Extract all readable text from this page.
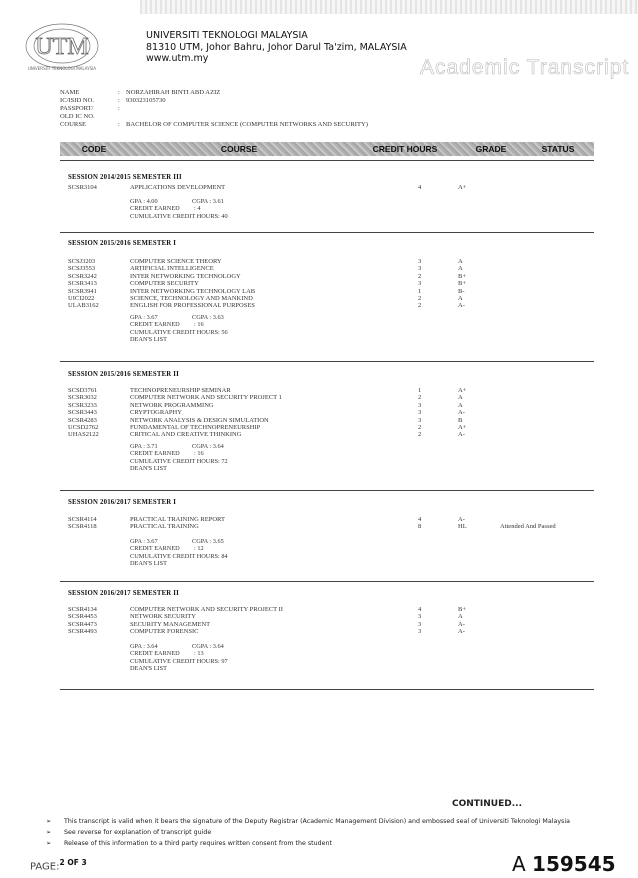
UTM
UNIVERSITI TEKNOLOGI MALAYSIA
UNIVERSITI TEKNOLOGI MALAYSIA
81310 UTM, Johor Bahru, Johor Darul Ta'zim, MALAYSIA
www.utm.my	Academic Transcript
NAME	: NORZAHIRAH BINTI ABD AZIZ
IC/ISID NO.	: 930323105730
PASSPORT/	:
OLD IC NO.
COURSE	: BACHELOR OF COMPUTER SCIENCE (COMPUTER NETWORKS AND SECURITY)
CODE	COURSE	CREDIT HOURS	GRADE	STATUS
SESSION 2014/2015 SEMESTER III
SCSR3104	APPLICATIONS DEVELOPMENT	4	A+
GPA : 4.00	CGPA : 3.61
CREDIT EARNED : 4
CUMULATIVE CREDIT HOURS: 40
SESSION 2015/2016 SEMESTER I
SCSJ3203	COMPUTER SCIENCE THEORY	3	A
SCSJ3553	ARTIFICIAL INTELLIGENCE	3	A
SCSR3242	INTER NETWORKING TECHNOLOGY	2	B+
SCSR3413	COMPUTER SECURITY	3	B+
SCSR3941	INTER NETWORKING TECHNOLOGY LAB	1	B-
UICI2022	SCIENCE, TECHNOLOGY AND MANKIND	2	A
ULAB3162	ENGLISH FOR PROFESSIONAL PURPOSES	2	A-
GPA : 3.67	CGPA : 3.63
CREDIT EARNED : 16
CUMULATIVE CREDIT HOURS: 56
DEAN'S LIST
SESSION 2015/2016 SEMESTER II
SCSD3761	TECHNOPRENEURSHIP SEMINAR	1	A+
SCSR3032	COMPUTER NETWORK AND SECURITY PROJECT 1	2	A
SCSR3233	NETWORK PROGRAMMING	3	A
SCSR3443	CRYPTOGRAPHY	3	A-
SCSR4283	NETWORK ANALYSIS & DESIGN SIMULATION	3	B
UCSD2762	FUNDAMENTAL OF TECHNOPRENEURSHIP	2	A+
UHAS2122	CRITICAL AND CREATIVE THINKING	2	A-
GPA : 3.71	CGPA : 3.64
CREDIT EARNED : 16
CUMULATIVE CREDIT HOURS: 72
DEAN'S LIST
SESSION 2016/2017 SEMESTER I
SCSR4114	PRACTICAL TRAINING REPORT	4	A-
SCSR4118	PRACTICAL TRAINING	8	HL	Attended And Passed
GPA : 3.67	CGPA : 3.65
CREDIT EARNED : 12
CUMULATIVE CREDIT HOURS: 84
DEAN'S LIST
SESSION 2016/2017 SEMESTER II
SCSR4134	COMPUTER NETWORK AND SECURITY PROJECT II	4	B+
SCSR4453	NETWORK SECURITY	3	A
SCSR4473	SECURITY MANAGEMENT	3	A-
SCSR4493	COMPUTER FORENSIC	3	A-
GPA : 3.64	CGPA : 3.64
CREDIT EARNED : 13
CUMULATIVE CREDIT HOURS: 97
DEAN'S LIST
CONTINUED...
➢ This transcript is valid when it bears the signature of the Deputy Registrar (Academic Management Division) and embossed seal of Universiti Teknologi Malaysia
➢ See reverse for explanation of transcript guide
➢ Release of this information to a third party requires written consent from the student
PAGE:$^{2 OF 3}$	A 159545
